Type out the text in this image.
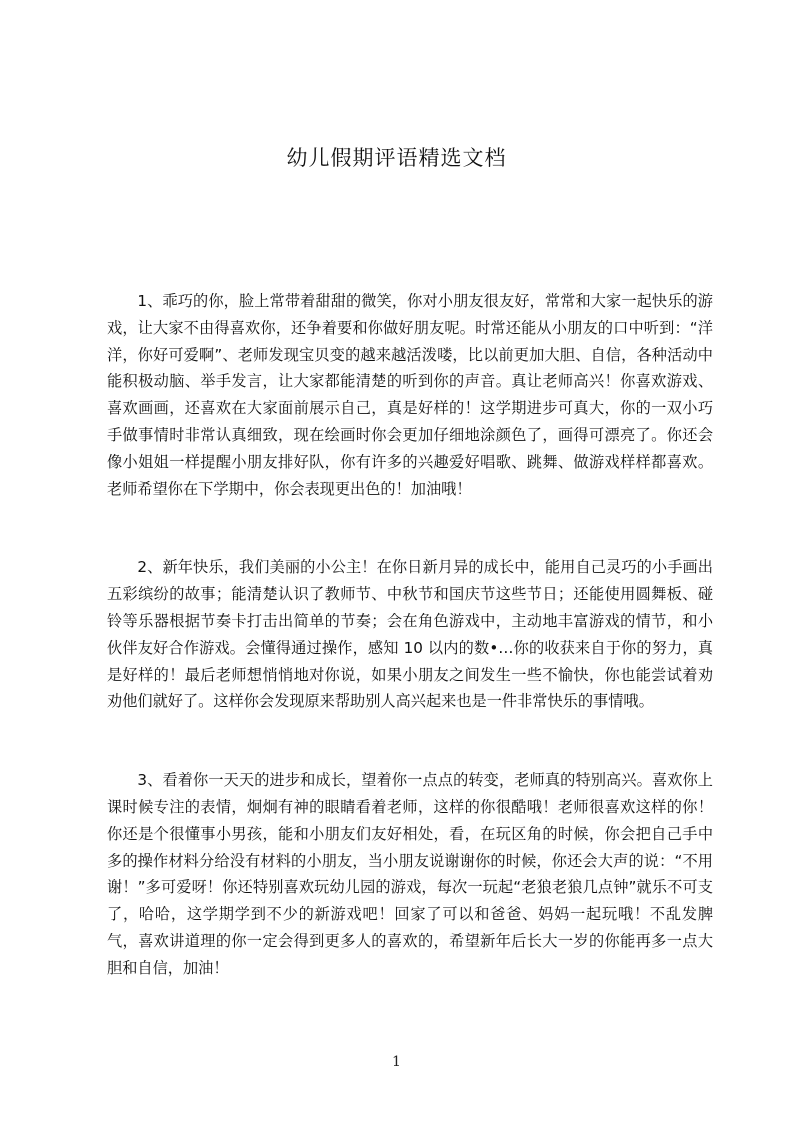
幼儿假期评语精选文档

1、乖巧的你，脸上常带着甜甜的微笑，你对小朋友很友好，常常和大家一起快乐的游戏，让大家不由得喜欢你，还争着要和你做好朋友呢。时常还能从小朋友的口中听到：“洋洋，你好可爱啊”、老师发现宝贝变的越来越活泼喽，比以前更加大胆、自信，各种活动中能积极动脑、举手发言，让大家都能清楚的听到你的声音。真让老师高兴！你喜欢游戏、喜欢画画，还喜欢在大家面前展示自己，真是好样的！这学期进步可真大，你的一双小巧手做事情时非常认真细致，现在绘画时你会更加仔细地涂颜色了，画得可漂亮了。你还会像小姐姐一样提醒小朋友排好队，你有许多的兴趣爱好唱歌、跳舞、做游戏样样都喜欢。老师希望你在下学期中，你会表现更出色的！加油哦！

2、新年快乐，我们美丽的小公主！在你日新月异的成长中，能用自己灵巧的小手画出五彩缤纷的故事；能清楚认识了教师节、中秋节和国庆节这些节日；还能使用圆舞板、碰铃等乐器根据节奏卡打击出简单的节奏；会在角色游戏中，主动地丰富游戏的情节，和小伙伴友好合作游戏。会懂得通过操作，感知 10 以内的数•…你的收获来自于你的努力，真是好样的！最后老师想悄悄地对你说，如果小朋友之间发生一些不愉快，你也能尝试着劝劝他们就好了。这样你会发现原来帮助别人高兴起来也是一件非常快乐的事情哦。

3、看着你一天天的进步和成长，望着你一点点的转变，老师真的特别高兴。喜欢你上课时候专注的表情，炯炯有神的眼睛看着老师，这样的你很酷哦！老师很喜欢这样的你！你还是个很懂事小男孩，能和小朋友们友好相处，看，在玩区角的时候，你会把自己手中多的操作材料分给没有材料的小朋友，当小朋友说谢谢你的时候，你还会大声的说：“不用谢！”多可爱呀！你还特别喜欢玩幼儿园的游戏，每次一玩起“老狼老狼几点钟”就乐不可支了，哈哈，这学期学到不少的新游戏吧！回家了可以和爸爸、妈妈一起玩哦！不乱发脾气，喜欢讲道理的你一定会得到更多人的喜欢的，希望新年后长大一岁的你能再多一点大胆和自信，加油！

1
